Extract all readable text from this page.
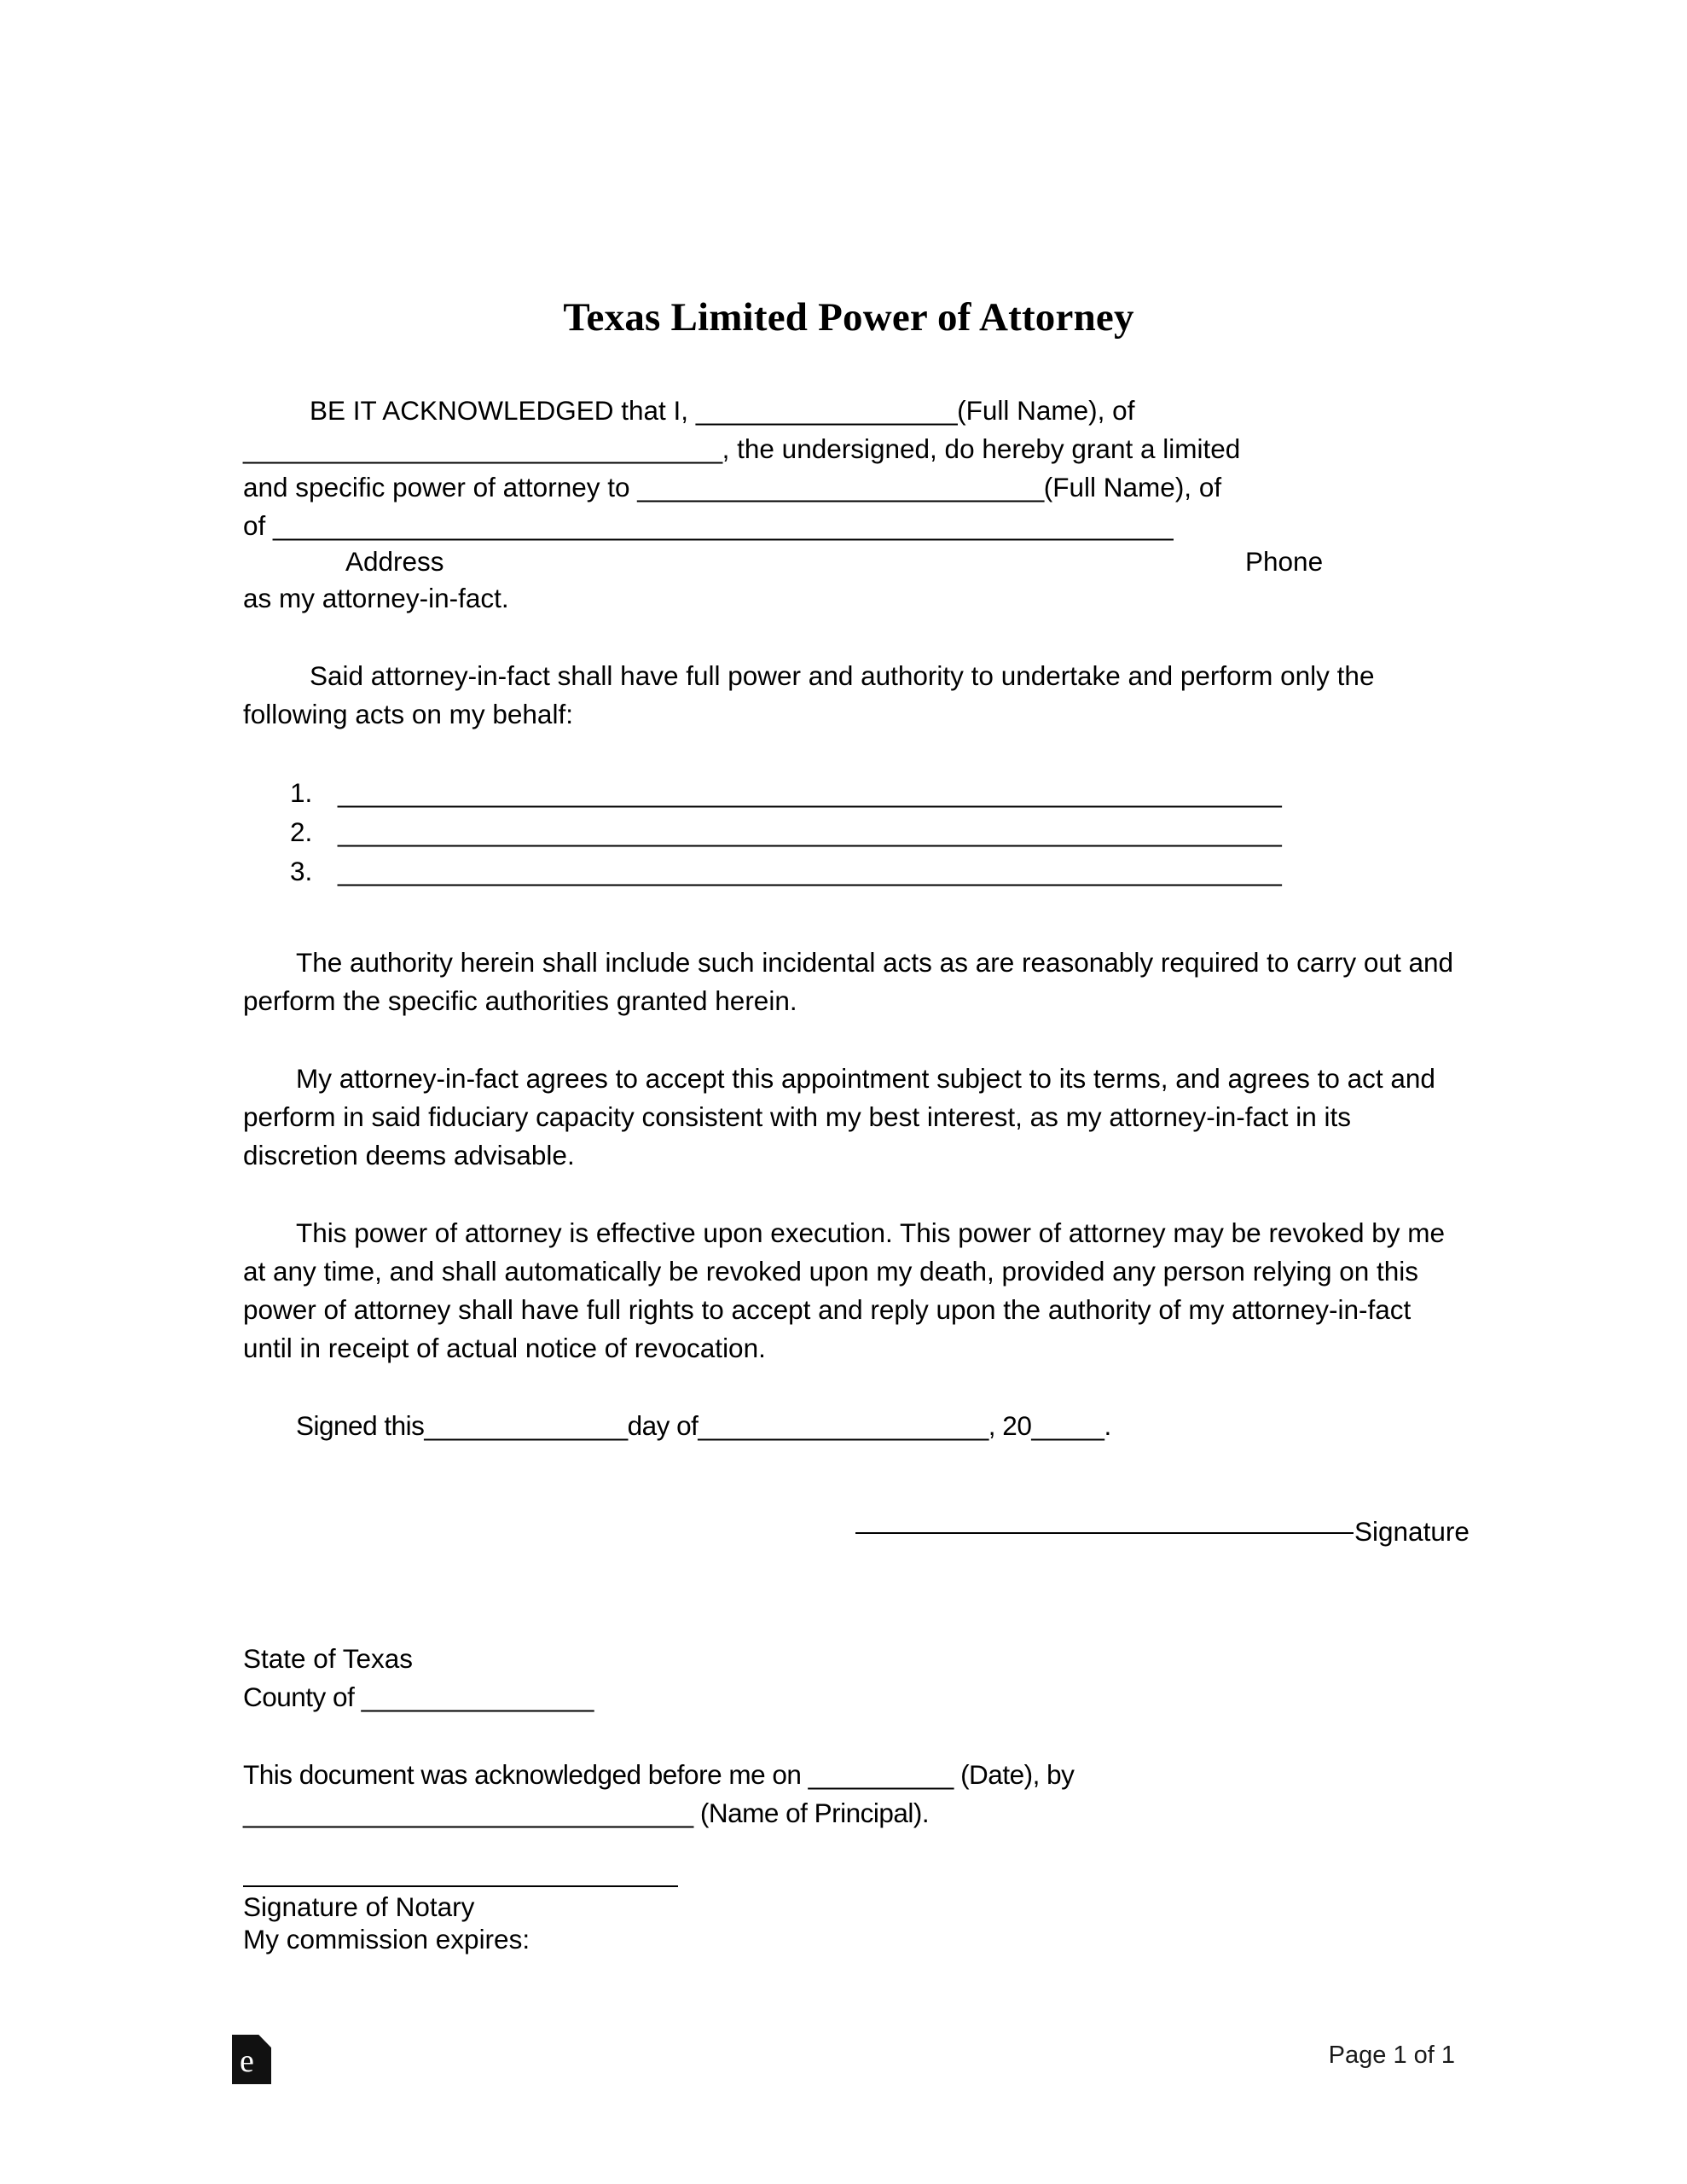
Texas Limited Power of Attorney

BE IT ACKNOWLEDGED that I, __________________(Full Name), of
_________________________________, the undersigned, do hereby grant a limited
and specific power of attorney to ____________________________(Full Name), of
of ______________________________________________________________

Address	Phone

as my attorney-in-fact.

Said attorney-in-fact shall have full power and authority to undertake and perform only the following acts on my behalf:

1. _________________________________________________________________
2. _________________________________________________________________
3. _________________________________________________________________

The authority herein shall include such incidental acts as are reasonably required to carry out and perform the specific authorities granted herein.

My attorney-in-fact agrees to accept this appointment subject to its terms, and agrees to act and perform in said fiduciary capacity consistent with my best interest, as my attorney-in-fact in its discretion deems advisable.

This power of attorney is effective upon execution. This power of attorney may be revoked by me at any time, and shall automatically be revoked upon my death, provided any person relying on this power of attorney shall have full rights to accept and reply upon the authority of my attorney-in-fact until in receipt of actual notice of revocation.

Signed this______________day of____________________, 20_____.

Signature
State of Texas
County of ________________
This document was acknowledged before me on __________ (Date), by
_______________________________ (Name of Principal).
Signature of Notary
My commission expires:
e	Page 1 of 1
